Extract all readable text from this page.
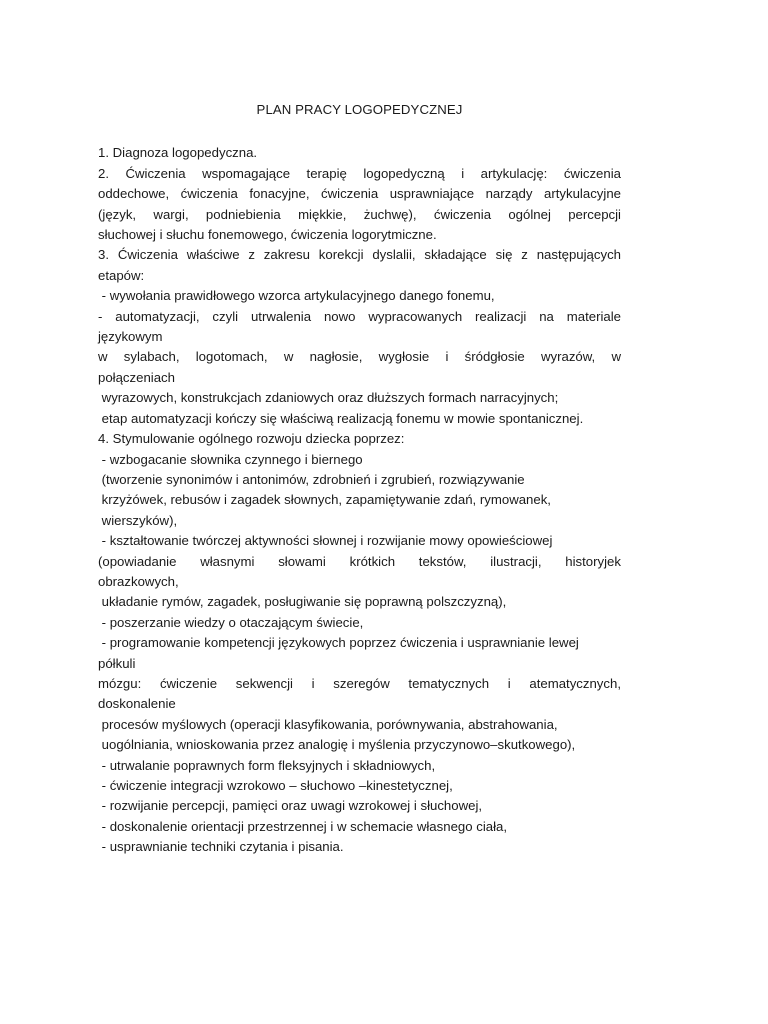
PLAN PRACY LOGOPEDYCZNEJ
1. Diagnoza logopedyczna.
2. Ćwiczenia wspomagające terapię logopedyczną i artykulację: ćwiczenia
oddechowe, ćwiczenia fonacyjne, ćwiczenia usprawniające narządy artykulacyjne
(język, wargi, podniebienia miękkie, żuchwę), ćwiczenia ogólnej percepcji
słuchowej i słuchu fonemowego, ćwiczenia logorytmiczne.
3. Ćwiczenia właściwe z zakresu korekcji dyslalii, składające się z następujących
etapów:
- wywołania prawidłowego wzorca artykulacyjnego danego fonemu,
- automatyzacji, czyli utrwalenia nowo wypracowanych realizacji na materiale
językowym
w sylabach, logotomach, w nagłosie, wygłosie i śródgłosie wyrazów, w
połączeniach
wyrazowych, konstrukcjach zdaniowych oraz dłuższych formach narracyjnych;
etap automatyzacji kończy się właściwą realizacją fonemu w mowie spontanicznej.
4. Stymulowanie ogólnego rozwoju dziecka poprzez:
- wzbogacanie słownika czynnego i biernego
(tworzenie synonimów i antonimów, zdrobnień i zgrubień, rozwiązywanie
krzyżówek, rebusów i zagadek słownych, zapamiętywanie zdań, rymowanek,
wierszyków),
- kształtowanie twórczej aktywności słownej i rozwijanie mowy opowieściowej
(opowiadanie własnymi słowami krótkich tekstów, ilustracji, historyjek
obrazkowych,
układanie rymów, zagadek, posługiwanie się poprawną polszczyzną),
- poszerzanie wiedzy o otaczającym świecie,
- programowanie kompetencji językowych poprzez ćwiczenia i usprawnianie lewej
półkuli
mózgu: ćwiczenie sekwencji i szeregów tematycznych i atematycznych,
doskonalenie
procesów myślowych (operacji klasyfikowania, porównywania, abstrahowania,
uogólniania, wnioskowania przez analogię i myślenia przyczynowo–skutkowego),
- utrwalanie poprawnych form fleksyjnych i składniowych,
- ćwiczenie integracji wzrokowo – słuchowo –kinestetycznej,
- rozwijanie percepcji, pamięci oraz uwagi wzrokowej i słuchowej,
- doskonalenie orientacji przestrzennej i w schemacie własnego ciała,
- usprawnianie techniki czytania i pisania.
